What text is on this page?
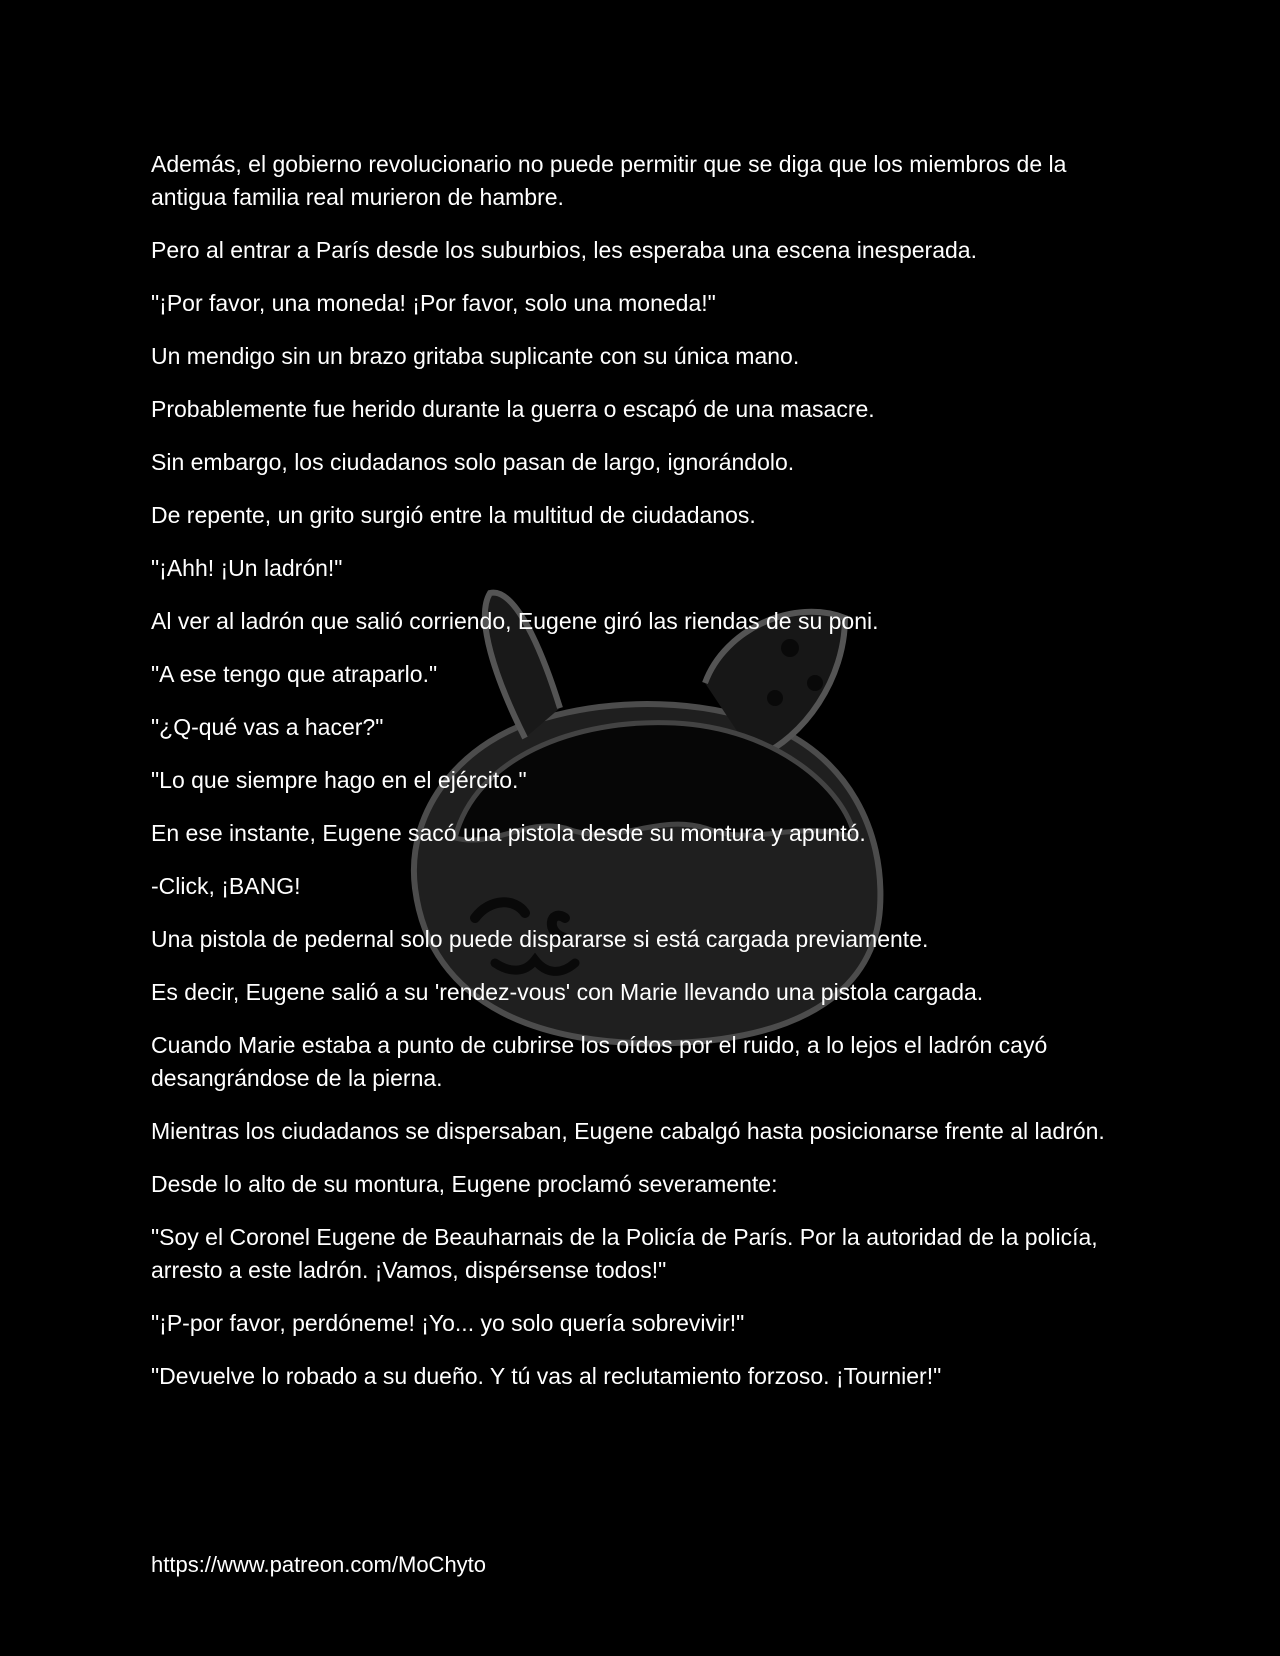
Además, el gobierno revolucionario no puede permitir que se diga que los miembros de la antigua familia real murieron de hambre.

Pero al entrar a París desde los suburbios, les esperaba una escena inesperada.

"¡Por favor, una moneda! ¡Por favor, solo una moneda!"

Un mendigo sin un brazo gritaba suplicante con su única mano.

Probablemente fue herido durante la guerra o escapó de una masacre.

Sin embargo, los ciudadanos solo pasan de largo, ignorándolo.

De repente, un grito surgió entre la multitud de ciudadanos.

"¡Ahh! ¡Un ladrón!"

Al ver al ladrón que salió corriendo, Eugene giró las riendas de su poni.

"A ese tengo que atraparlo."

"¿Q-qué vas a hacer?"

"Lo que siempre hago en el ejército."

En ese instante, Eugene sacó una pistola desde su montura y apuntó.

-Click, ¡BANG!

Una pistola de pedernal solo puede dispararse si está cargada previamente.

Es decir, Eugene salió a su 'rendez-vous' con Marie llevando una pistola cargada.

Cuando Marie estaba a punto de cubrirse los oídos por el ruido, a lo lejos el ladrón cayó desangrándose de la pierna.

Mientras los ciudadanos se dispersaban, Eugene cabalgó hasta posicionarse frente al ladrón.

Desde lo alto de su montura, Eugene proclamó severamente:

"Soy el Coronel Eugene de Beauharnais de la Policía de París. Por la autoridad de la policía, arresto a este ladrón. ¡Vamos, dispérsense todos!"

"¡P-por favor, perdóneme! ¡Yo... yo solo quería sobrevivir!"

"Devuelve lo robado a su dueño. Y tú vas al reclutamiento forzoso. ¡Tournier!"

https://www.patreon.com/MoChyto
